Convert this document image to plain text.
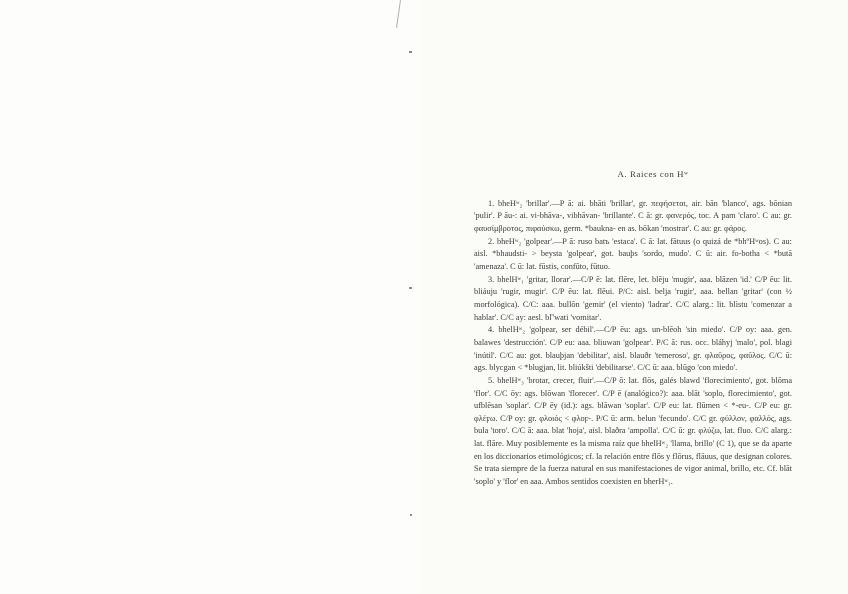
A. Raices con Hʷ

1. bheHʷ₂ 'brillar'.—P ā: ai. bhāti 'brillar', gr. πεφήσεται, air. bān 'blanco', ags. bōnian 'pulir'. P āu-: ai. vi-bhāva-, vibhāvan- 'brillante'. C ā: gr. φανερός, toc. A pam 'claro'. C au: gr. φαυσίμβροτος, πιφαύσκω, germ. *baukna- en as. bōkan 'mostrar'. C au: gr. φάρος.

2. bheHʷ₂ 'golpear'.—P ā: ruso batъ 'estaca'. C ā: lat. fātuus (o quizá de *bhºHʷos). C au: aisl. *bhaudsti- > beysta 'golpear', got. bauþs 'sordo, mudo'. C ū: air. fo-botha < *butā 'amenaza'. C ū: lat. fūstis, confūto, fūtuo.

3. bhelHʷ₁ 'gritar, llorar'.—C/P ē: lat. flēre, let. blēju 'mugir', aaa. blāzen 'id.' C/P ēu: lit. bliáuju 'rugir, mugir'. C/P ēu: lat. flēui. P/C: aisl. belja 'rugir', aaa. bellan 'gritar' (con ½ morfológica). C/C: aaa. bullōn 'gemir' (el viento) 'ladrar'. C/C alarg.: lit. blìstu 'comenzar a hablar'. C/C ay: aesl. bľ'wati 'vomitar'.

4. bhelHʷ₂ 'golpear, ser débil'.—C/P ēu: ags. un-blēoh 'sin miedo'. C/P oy: aaa. gen. balawes 'destrucción'. C/P eu: aaa. bliuwan 'golpear'. P/C ā: rus. occ. bláhyj 'malo', pol. blagi 'inútil'. C/C au: got. blauþjan 'debilitar', aisl. blauðr 'temeroso', gr. φλαῦρος, φαῦλος. C/C ū: ags. blycgan < *blugjan, lit. bliúkšti 'debilitarse'. C/C ū: aaa. blūgo 'con miedo'.

5. bhelHʷ₃ 'brotar, crecer, fluir'.—C/P ō: lat. flōs, galés blawd 'florecimiento', got. blōma 'flor'. C/C ōy: ags. blōwan 'florecer'. C/P ē (analógico?): aaa. blāt 'soplo, florecimiento', got. ufblēsan 'soplar'. C/P ēy (id.): ags. blāwan 'soplar'. C/P eu: lat. flūmen < *-eu-. C/P eu: gr. φλέϝω. C/P oy: gr. φλοιός < φλοϝ-. P/C ū: arm. belun 'fecundo'. C/C gr. φύλλον, φαλλός, ags. bula 'toro'. C/C ā: aaa. blat 'hoja', aisl. blaðra 'ampolla'. C/C ū: gr. φλύζω, lat. fluo. C/C alarg.: lat. flāre. Muy posiblemente es la misma raíz que bhelHʷ₂ 'llama, brillo' (C 1), que se da aparte en los diccionarios etimológicos; cf. la relación entre flōs y flōrus, flāuus, que designan colores. Se trata siempre de la fuerza natural en sus manifestaciones de vigor animal, brillo, etc. Cf. blāt 'soplo' y 'flor' en aaa. Ambos sentidos coexisten en bherHʷ₁.
